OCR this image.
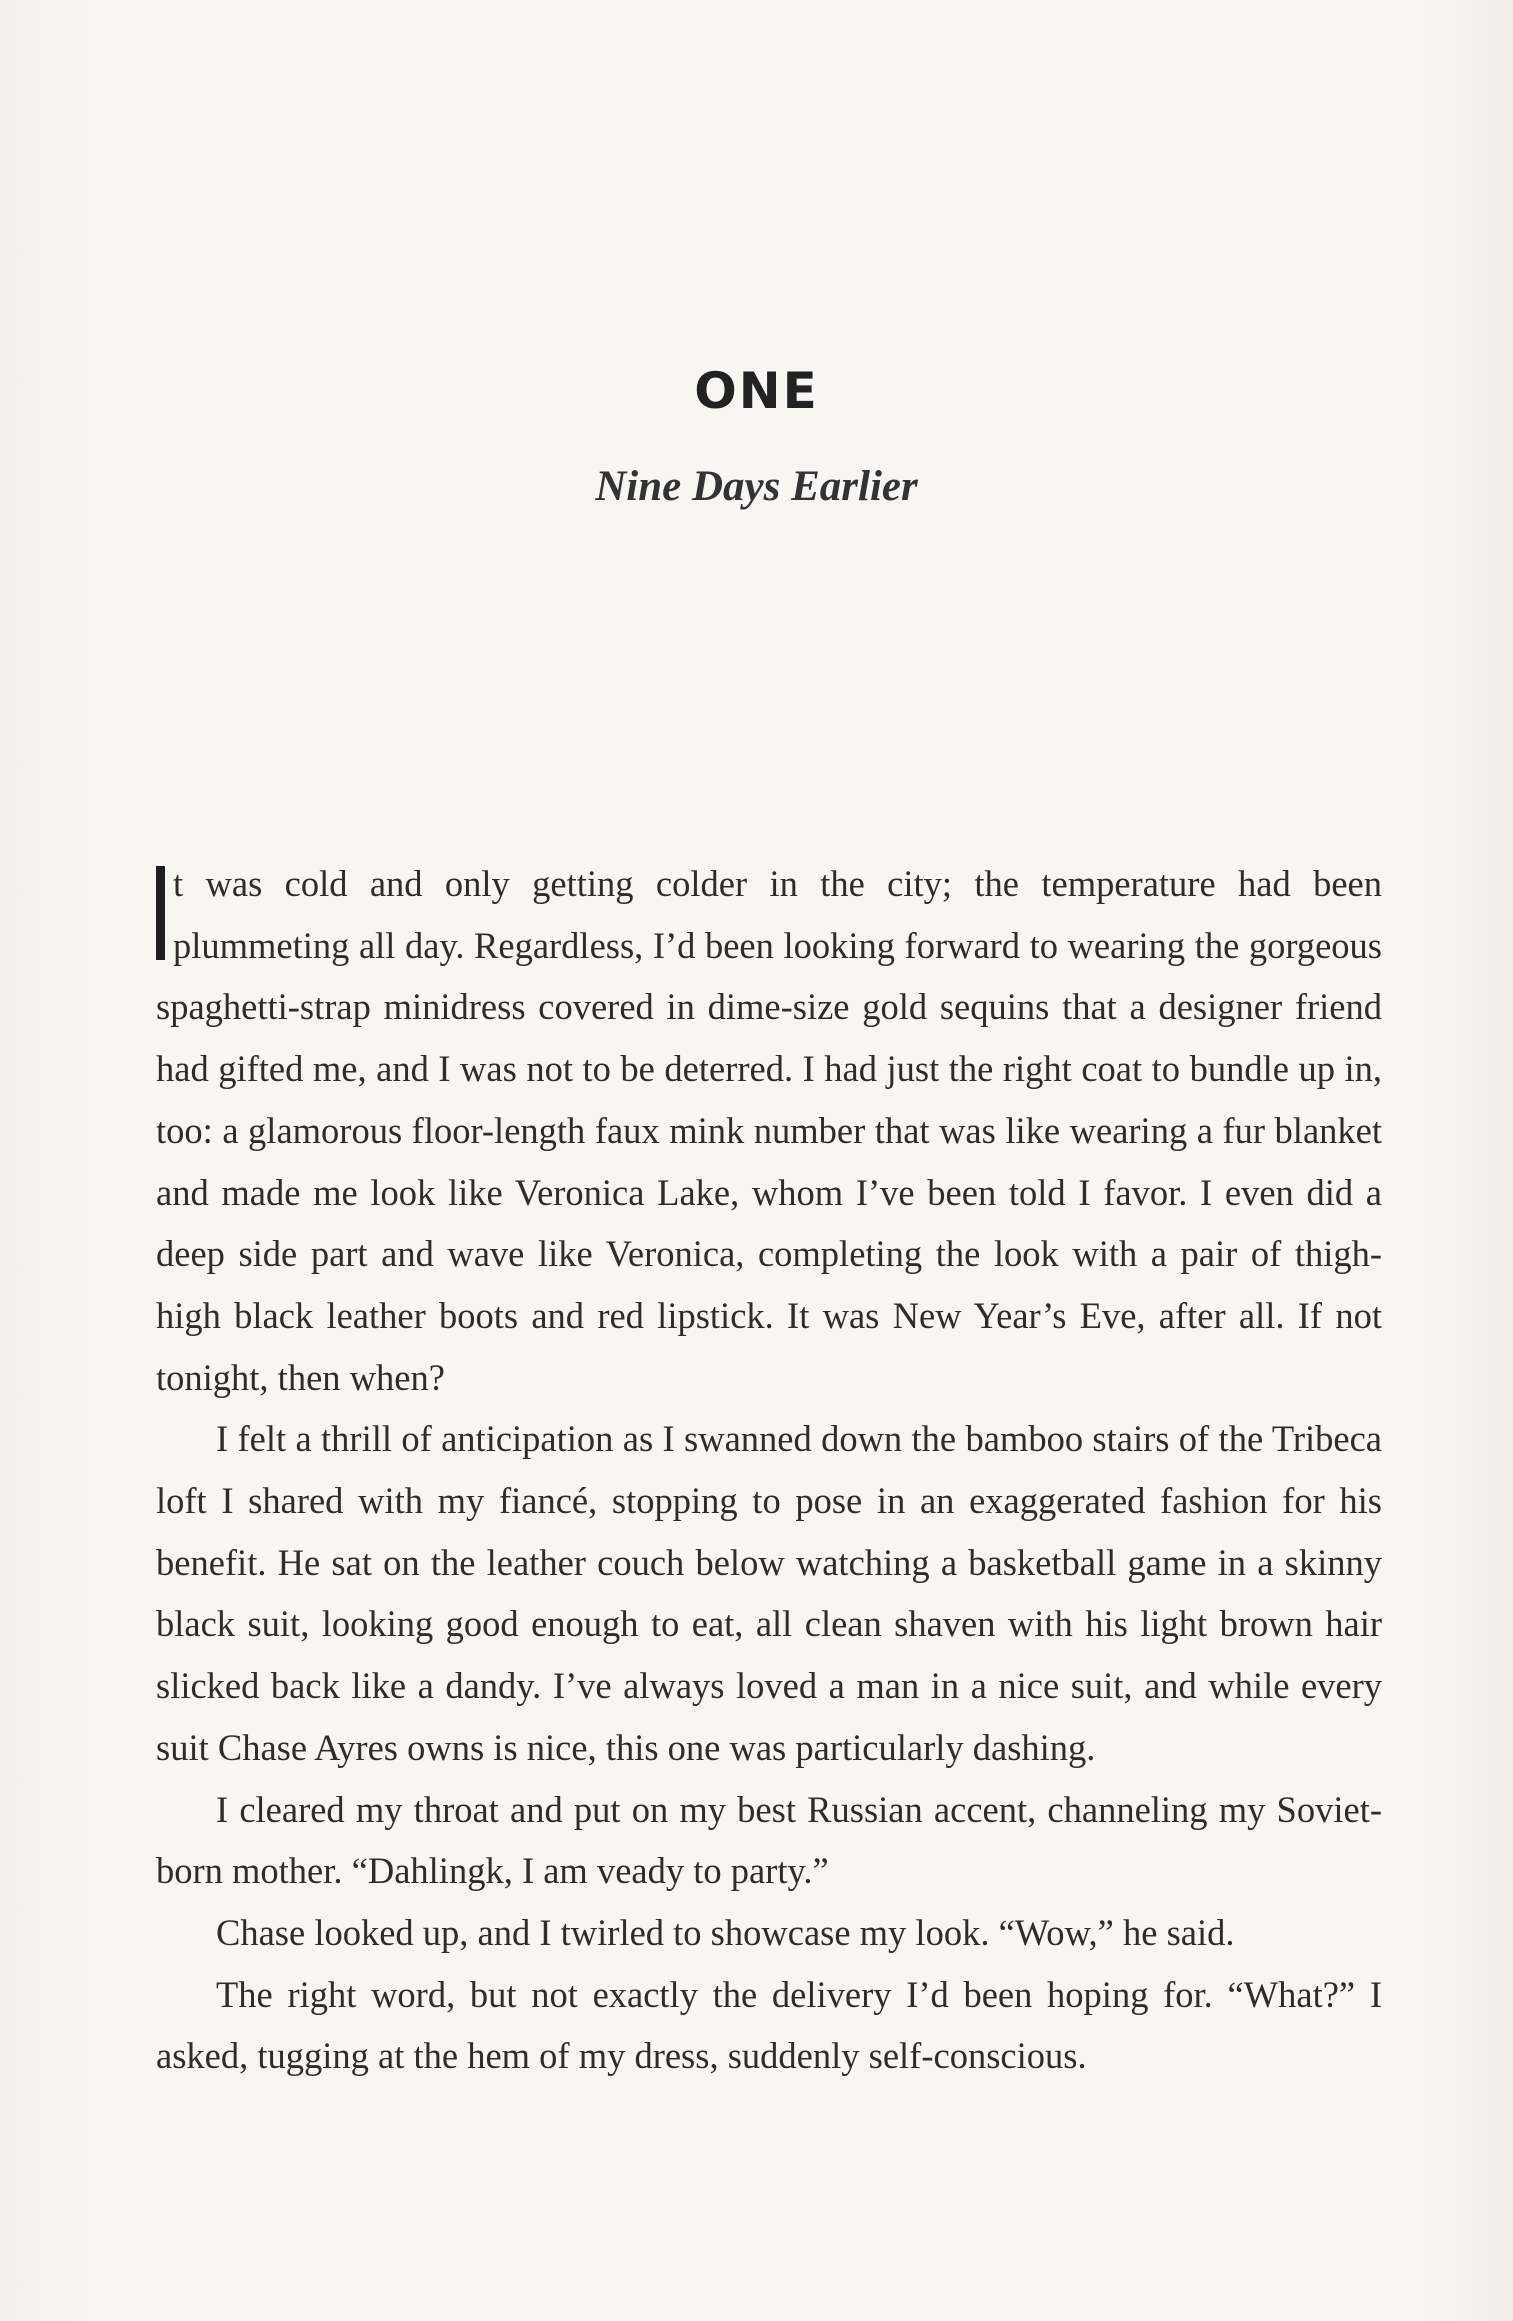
ONE
Nine Days Earlier

t was cold and only getting colder in the city; the temperature had been plummeting all day. Regardless, I’d been looking forward to wearing the gorgeous spaghetti-strap minidress covered in dime-size gold sequins that a designer friend had gifted me, and I was not to be deterred. I had just the right coat to bundle up in, too: a glamorous floor-length faux mink number that was like wearing a fur blanket and made me look like Veronica Lake, whom I’ve been told I favor. I even did a deep side part and wave like Veronica, completing the look with a pair of thigh-high black leather boots and red lipstick. It was New Year’s Eve, after all. If not tonight, then when?

I felt a thrill of anticipation as I swanned down the bamboo stairs of the Tribeca loft I shared with my fiancé, stopping to pose in an exaggerated fashion for his benefit. He sat on the leather couch below watching a basketball game in a skinny black suit, looking good enough to eat, all clean shaven with his light brown hair slicked back like a dandy. I’ve always loved a man in a nice suit, and while every suit Chase Ayres owns is nice, this one was particularly dashing.

I cleared my throat and put on my best Russian accent, channeling my Soviet-born mother. “Dahlingk, I am veady to party.”

Chase looked up, and I twirled to showcase my look. “Wow,” he said.

The right word, but not exactly the delivery I’d been hoping for. “What?” I asked, tugging at the hem of my dress, suddenly self-conscious.
